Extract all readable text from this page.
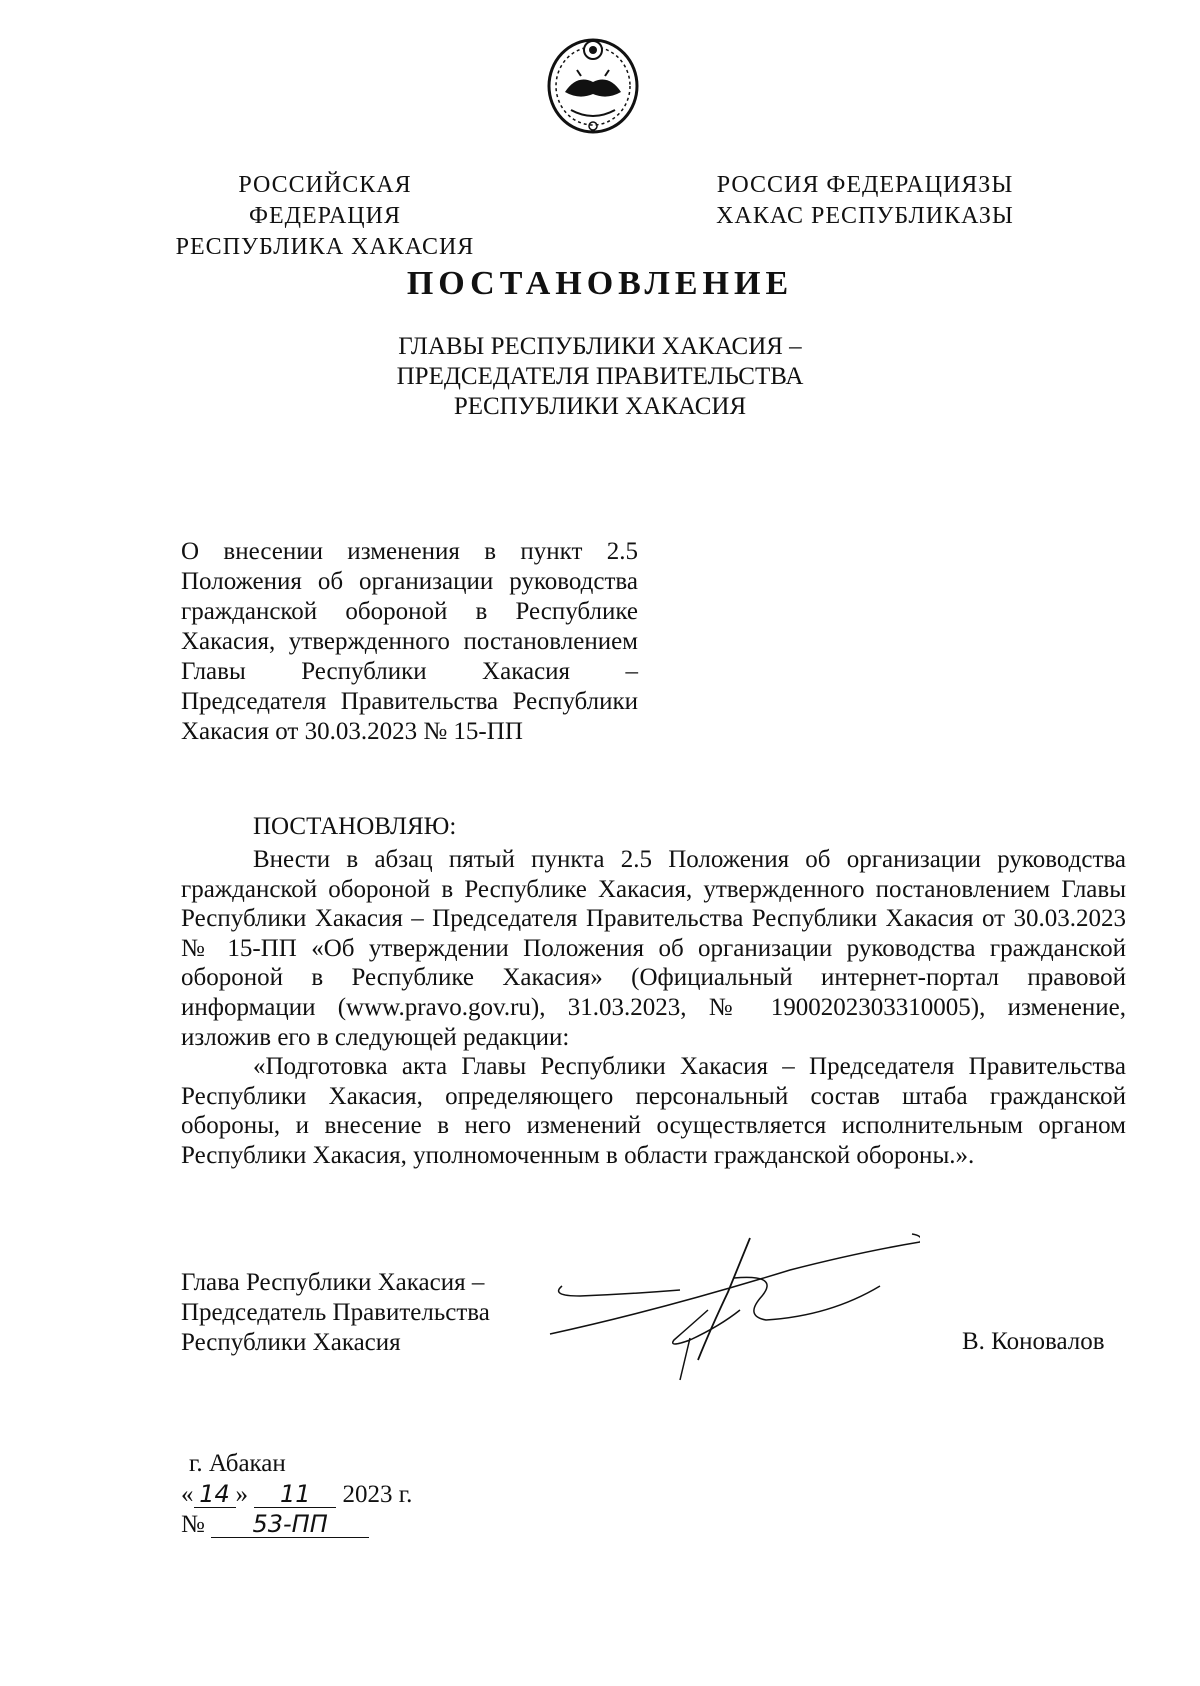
РОССИЙСКАЯ ФЕДЕРАЦИЯ
РЕСПУБЛИКА ХАКАСИЯ
РОССИЯ ФЕДЕРАЦИЯЗЫ
ХАКАС РЕСПУБЛИКАЗЫ
ПОСТАНОВЛЕНИЕ
ГЛАВЫ РЕСПУБЛИКИ ХАКАСИЯ –
ПРЕДСЕДАТЕЛЯ ПРАВИТЕЛЬСТВА
РЕСПУБЛИКИ ХАКАСИЯ
О внесении изменения в пункт 2.5 Положения об организации руководства гражданской обороной в Республике Хакасия, утвержденного постановлением Главы Республики Хакасия – Председателя Правительства Республики Хакасия от 30.03.2023 № 15-ПП
ПОСТАНОВЛЯЮ:

Внести в абзац пятый пункта 2.5 Положения об организации руководства гражданской обороной в Республике Хакасия, утвержденного постановлением Главы Республики Хакасия – Председателя Правительства Республики Хакасия от 30.03.2023 № 15-ПП «Об утверждении Положения об организации руководства гражданской обороной в Республике Хакасия» (Официальный интернет-портал правовой информации (www.pravo.gov.ru), 31.03.2023, № 1900202303310005), изменение, изложив его в следующей редакции:

«Подготовка акта Главы Республики Хакасия – Председателя Правительства Республики Хакасия, определяющего персональный состав штаба гражданской обороны, и внесение в него изменений осуществляется исполнительным органом Республики Хакасия, уполномоченным в области гражданской обороны.».

Глава Республики Хакасия –
Председатель Правительства
Республики Хакасия	В. Коновалов
г. Абакан
« 14 » 11 2023 г.
№ 53-ПП
